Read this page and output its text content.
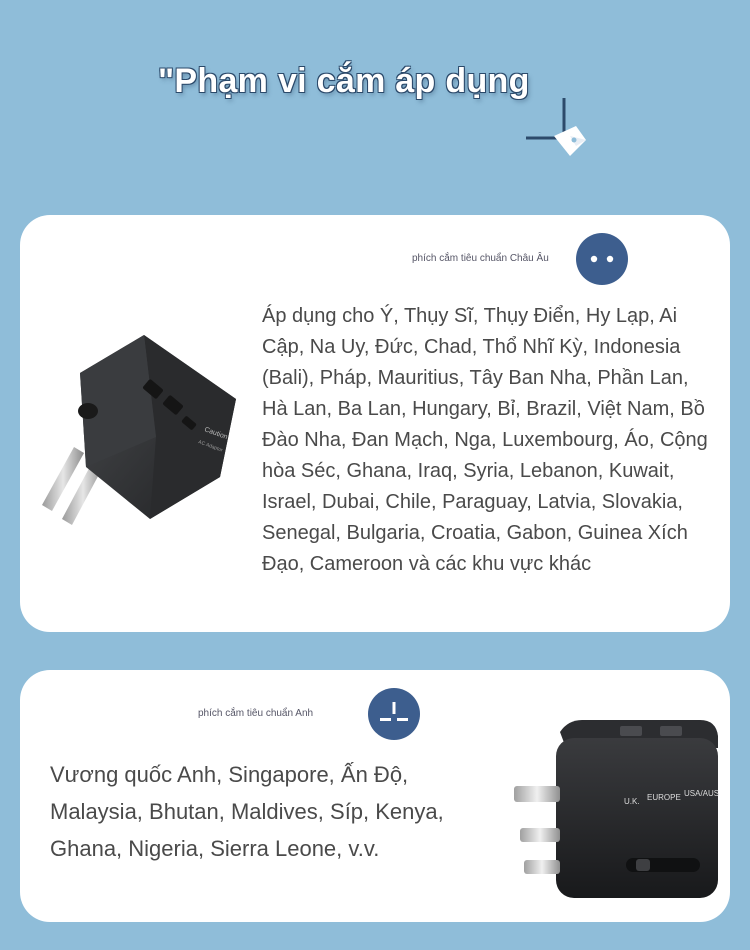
"Phạm vi cắm áp dụng
phích cắm tiêu chuẩn Châu Âu
Caution
AC Adaptor
Áp dụng cho Ý, Thụy Sĩ, Thụy Điển, Hy Lạp, Ai Cập, Na Uy, Đức, Chad, Thổ Nhĩ Kỳ, Indonesia (Bali), Pháp, Mauritius, Tây Ban Nha, Phần Lan, Hà Lan, Ba Lan, Hungary, Bỉ, Brazil, Việt Nam, Bồ Đào Nha, Đan Mạch, Nga, Luxembourg, Áo, Cộng hòa Séc, Ghana, Iraq, Syria, Lebanon, Kuwait, Israel, Dubai, Chile, Paraguay, Latvia, Slovakia, Senegal, Bulgaria, Croatia, Gabon, Guinea Xích Đạo, Cameroon và các khu vực khác
phích cắm tiêu chuẩn Anh
Vương quốc Anh, Singapore, Ấn Độ, Malaysia, Bhutan, Maldives, Síp, Kenya, Ghana, Nigeria, Sierra Leone, v.v.
U.K. EUROPE USA/AUS
